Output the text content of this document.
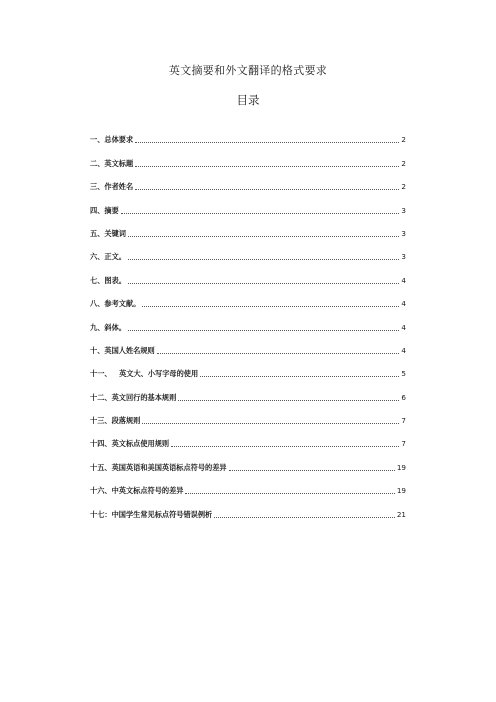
英文摘要和外文翻译的格式要求
目录
一、总体要求	2
二、英文标题	2
三、作者姓名	2
四、摘要	3
五、关键词	3
六、正文。	3
七、图表。	4
八、参考文献。	4
九、斜体。	4
十、英国人姓名规则	4
十一、   英文大、小写字母的使用	5
十二、英文回行的基本规则	6
十三、段落规则	7
十四、英文标点使用规则	7
十五、英国英语和美国英语标点符号的差异	19
十六、中英文标点符号的差异	19
十七：中国学生常见标点符号错误例析	21
